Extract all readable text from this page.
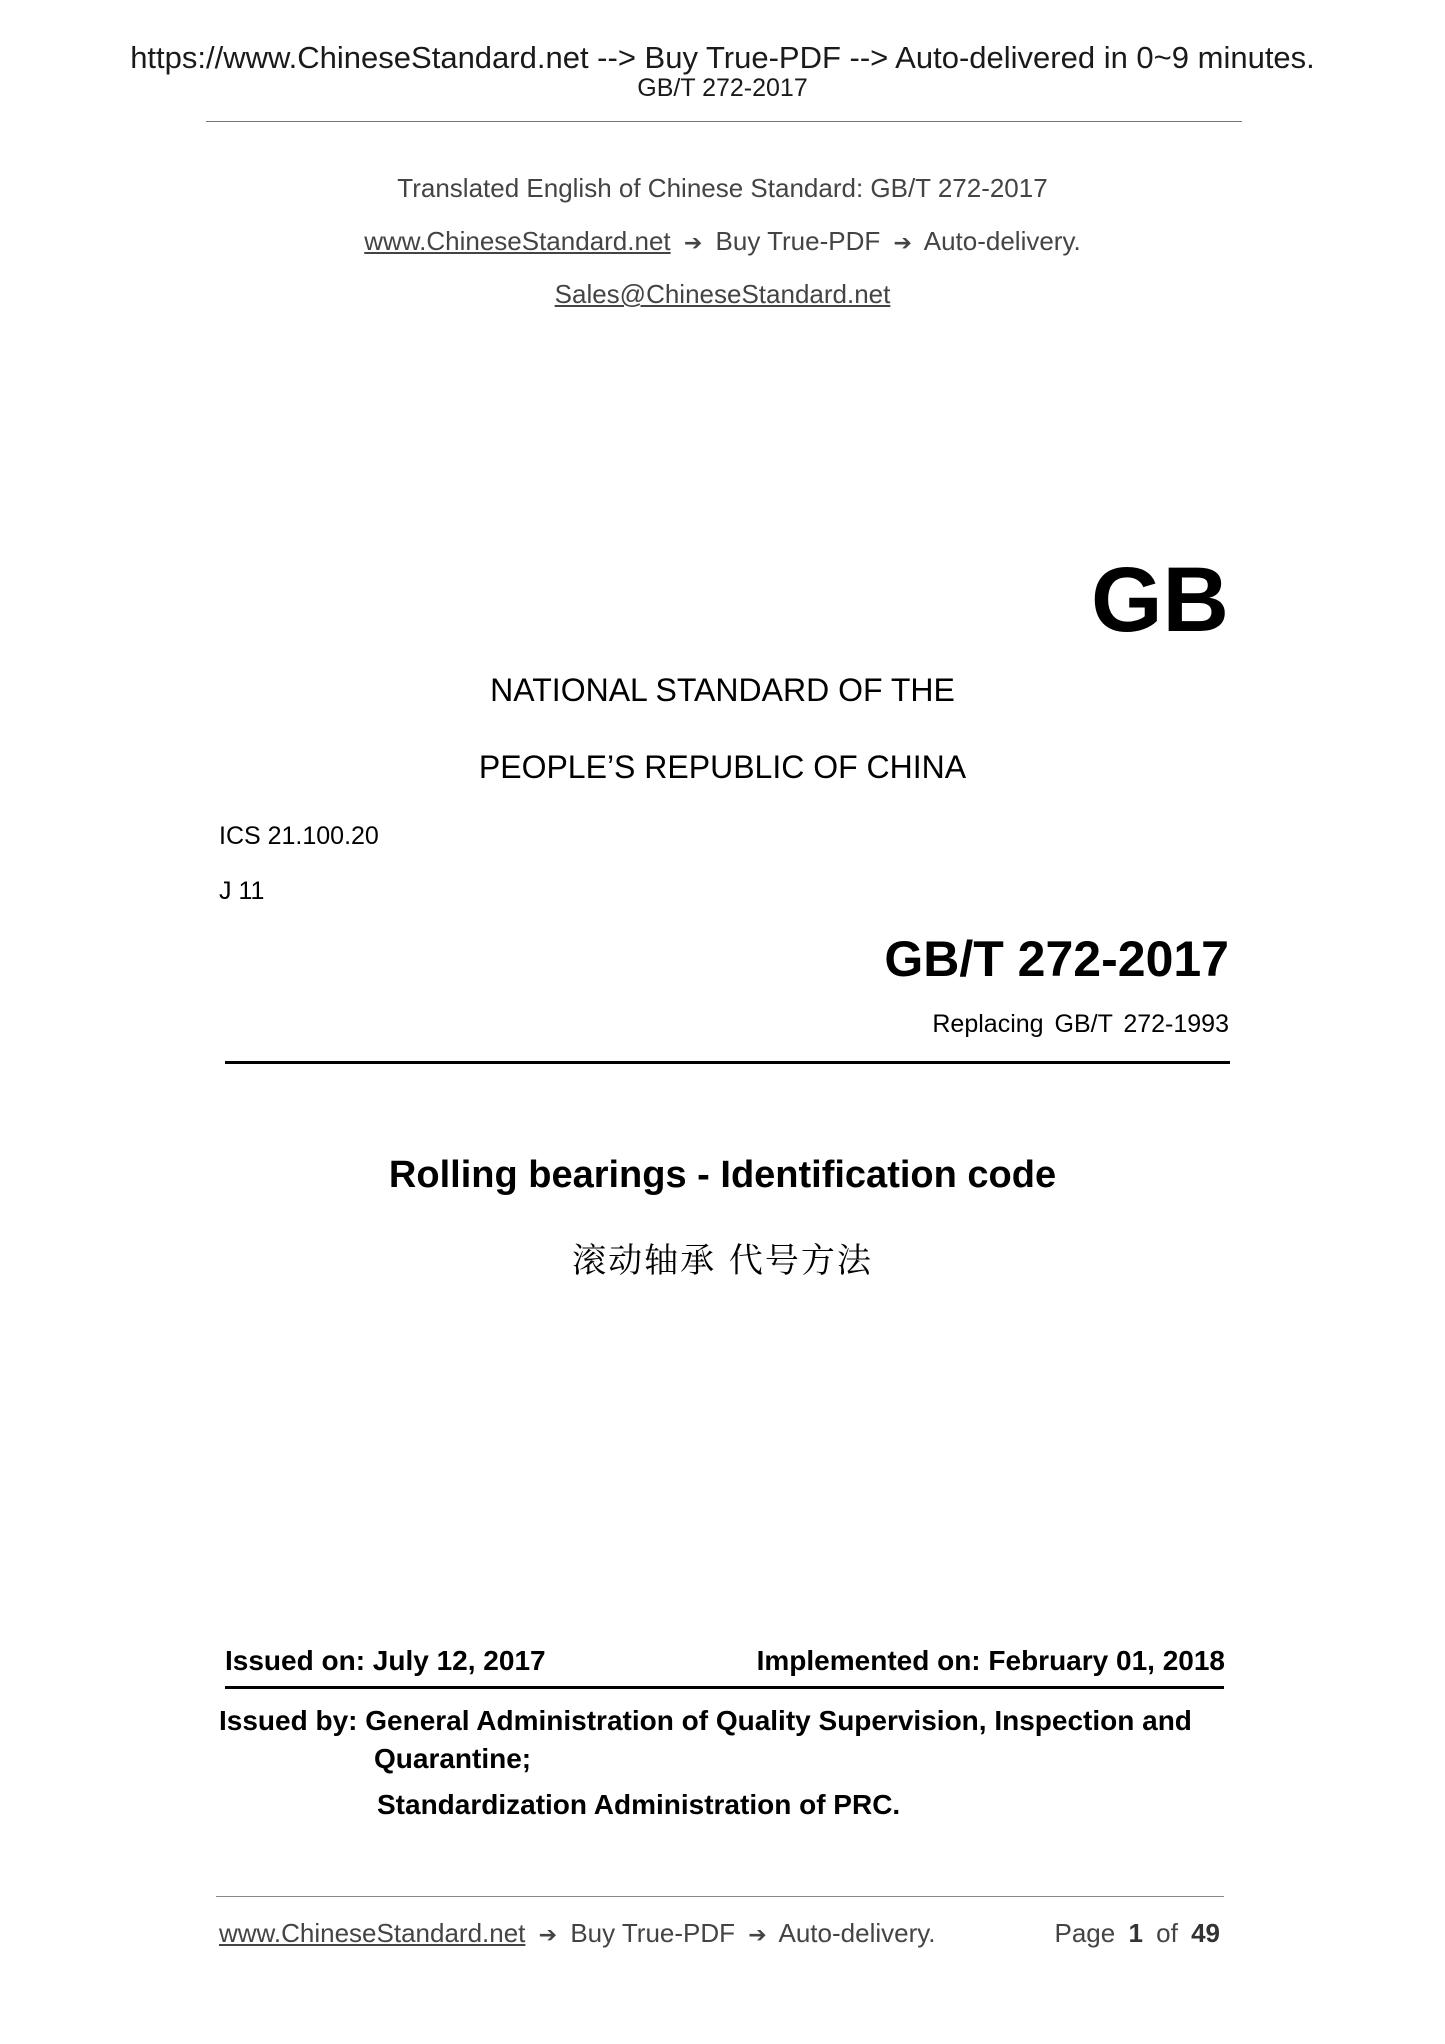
https://www.ChineseStandard.net --> Buy True-PDF --> Auto-delivered in 0~9 minutes.
GB/T 272-2017
Translated English of Chinese Standard: GB/T 272-2017
www.ChineseStandard.net ➔ Buy True-PDF ➔ Auto-delivery.
Sales@ChineseStandard.net
GB
NATIONAL STANDARD OF THE
PEOPLE’S REPUBLIC OF CHINA
ICS 21.100.20
J 11
GB/T 272-2017
Replacing GB/T 272-1993
Rolling bearings - Identification code
滚动轴承 代号方法
Issued on: July 12, 2017	Implemented on: February 01, 2018
Issued by: General Administration of Quality Supervision, Inspection and
Quarantine;
Standardization Administration of PRC.
www.ChineseStandard.net ➔ Buy True-PDF ➔ Auto-delivery.	Page 1 of 49
